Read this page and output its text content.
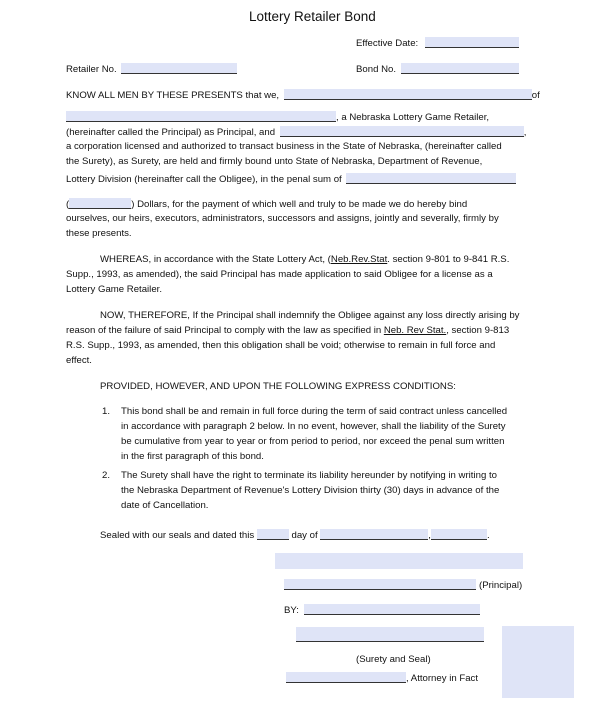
Lottery Retailer Bond
Effective Date:
Retailer No.	Bond No.
KNOW ALL MEN BY THESE PRESENTS that we,	of
, a Nebraska Lottery Game Retailer,
(hereinafter called the Principal) as Principal, and	,
a corporation licensed and authorized to transact business in the State of Nebraska, (hereinafter called
the Surety), as Surety, are held and firmly bound unto State of Nebraska, Department of Revenue,
Lottery Division (hereinafter call the Obligee), in the penal sum of
(	) Dollars, for the payment of which well and truly to be made we do hereby bind
ourselves, our heirs, executors, administrators, successors and assigns, jointly and severally, firmly by
these presents.
WHEREAS, in accordance with the State Lottery Act, (Neb.Rev.Stat. section 9-801 to 9-841 R.S.
Supp., 1993, as amended), the said Principal has made application to said Obligee for a license as a
Lottery Game Retailer.
NOW, THEREFORE, If the Principal shall indemnify the Obligee against any loss directly arising by
reason of the failure of said Principal to comply with the law as specified in Neb. Rev Stat., section 9-813
R.S. Supp., 1993, as amended, then this obligation shall be void; otherwise to remain in full force and
effect.
PROVIDED, HOWEVER, AND UPON THE FOLLOWING EXPRESS CONDITIONS:
1. This bond shall be and remain in full force during the term of said contract unless cancelled
in accordance with paragraph 2 below. In no event, however, shall the liability of the Surety
be cumulative from year to year or from period to period, nor exceed the penal sum written
in the first paragraph of this bond.
2. The Surety shall have the right to terminate its liability hereunder by notifying in writing to
the Nebraska Department of Revenue's Lottery Division thirty (30) days in advance of the
date of Cancellation.
Sealed with our seals and dated this	day of	,	.
(Principal)
BY:
(Surety and Seal)
, Attorney in Fact
